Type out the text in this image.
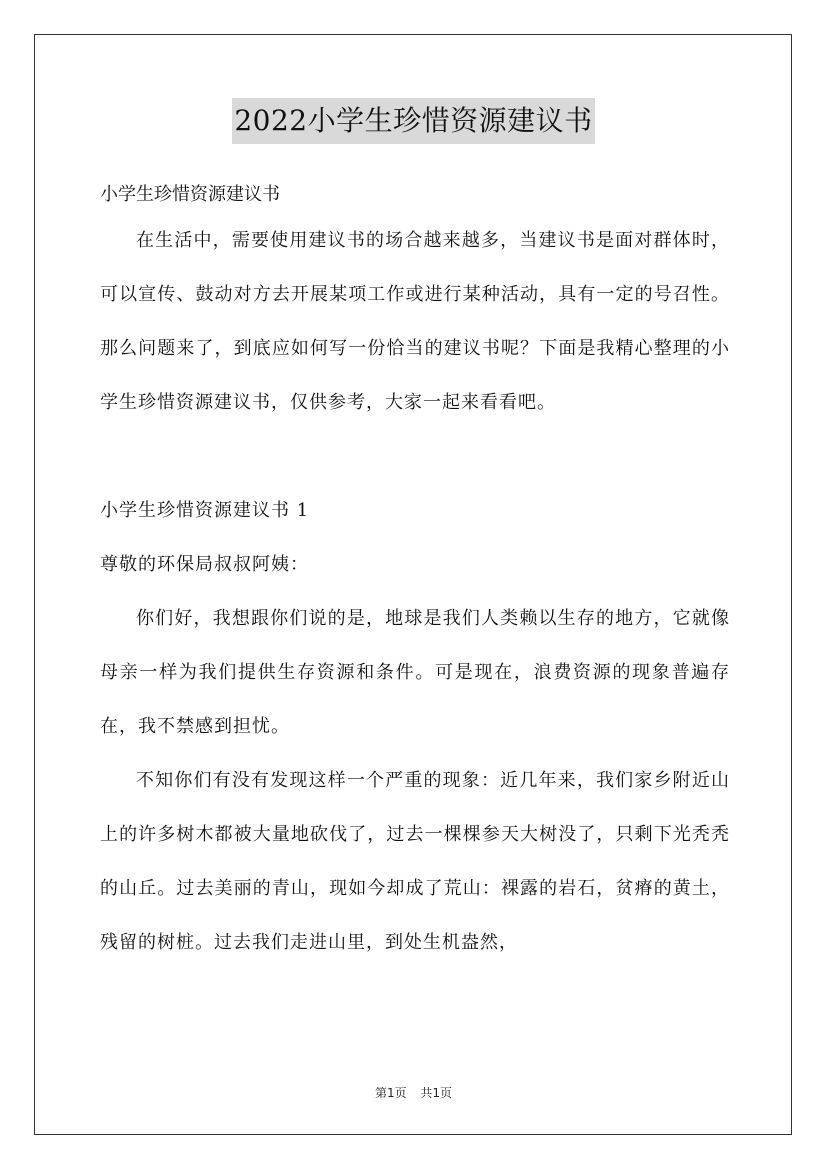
2022小学生珍惜资源建议书

小学生珍惜资源建议书

在生活中，需要使用建议书的场合越来越多，当建议书是面对群体时，可以宣传、鼓动对方去开展某项工作或进行某种活动，具有一定的号召性。那么问题来了，到底应如何写一份恰当的建议书呢？下面是我精心整理的小学生珍惜资源建议书，仅供参考，大家一起来看看吧。

小学生珍惜资源建议书 1

尊敬的环保局叔叔阿姨：

你们好，我想跟你们说的是，地球是我们人类赖以生存的地方，它就像母亲一样为我们提供生存资源和条件。可是现在，浪费资源的现象普遍存在，我不禁感到担忧。

不知你们有没有发现这样一个严重的现象：近几年来，我们家乡附近山上的许多树木都被大量地砍伐了，过去一棵棵参天大树没了，只剩下光秃秃的山丘。过去美丽的青山，现如今却成了荒山：裸露的岩石，贫瘠的黄土，残留的树桩。过去我们走进山里，到处生机盎然，

第1页 共1页
